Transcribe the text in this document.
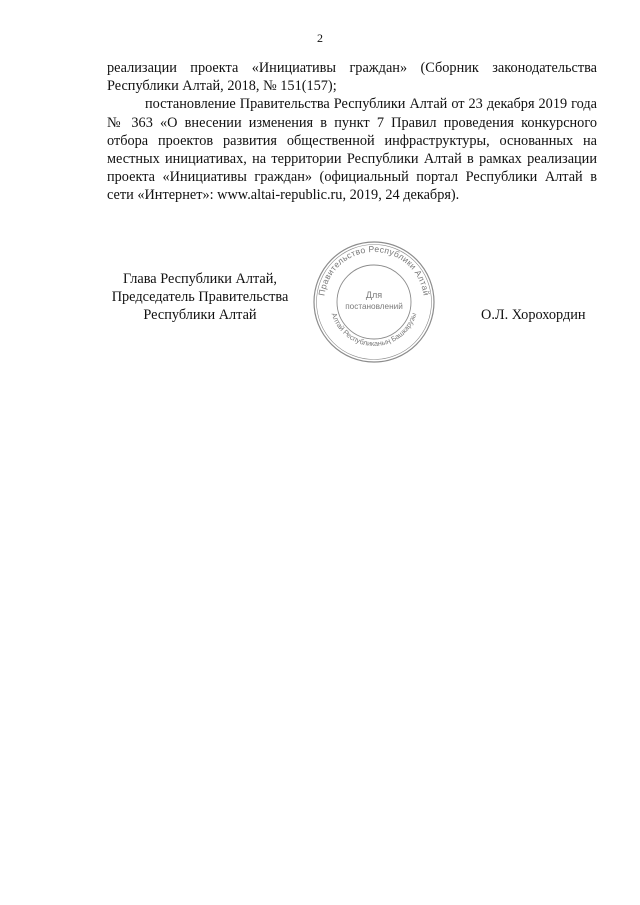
2

реализации проекта «Инициативы граждан» (Сборник законодательства Республики Алтай, 2018, № 151(157);

постановление Правительства Республики Алтай от 23 декабря 2019 года № 363 «О внесении изменения в пункт 7 Правил проведения конкурсного отбора проектов развития общественной инфраструктуры, основанных на местных инициативах, на территории Республики Алтай в рамках реализации проекта «Инициативы граждан» (официальный портал Республики Алтай в сети «Интернет»: www.altai-republic.ru, 2019, 24 декабря).

Глава Республики Алтай,
Председатель Правительства
Республики Алтай	О.Л. Хорохордин
Правительство Республики Алтай
Алтай Республиканың Башкарузы
Для
постановлений
